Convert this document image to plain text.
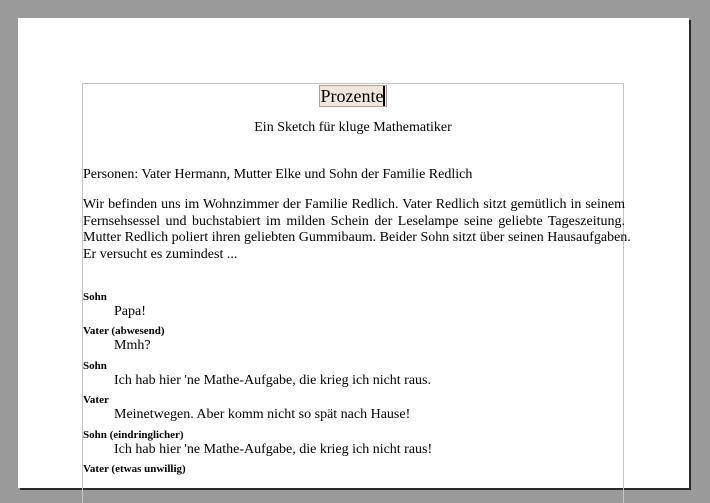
Prozente
Ein Sketch für kluge Mathematiker
Personen: Vater Hermann, Mutter Elke und Sohn der Familie Redlich
Wir befinden uns im Wohnzimmer der Familie Redlich. Vater Redlich sitzt gemütlich in seinem
Fernsehsessel und buchstabiert im milden Schein der Leselampe seine geliebte Tageszeitung.
Mutter Redlich poliert ihren geliebten Gummibaum. Beider Sohn sitzt über seinen Hausaufgaben.
Er versucht es zumindest ...
Sohn
Papa!
Vater (abwesend)
Mmh?
Sohn
Ich hab hier 'ne Mathe-Aufgabe, die krieg ich nicht raus.
Vater
Meinetwegen. Aber komm nicht so spät nach Hause!
Sohn (eindringlicher)
Ich hab hier 'ne Mathe-Aufgabe, die krieg ich nicht raus!
Vater (etwas unwillig)
